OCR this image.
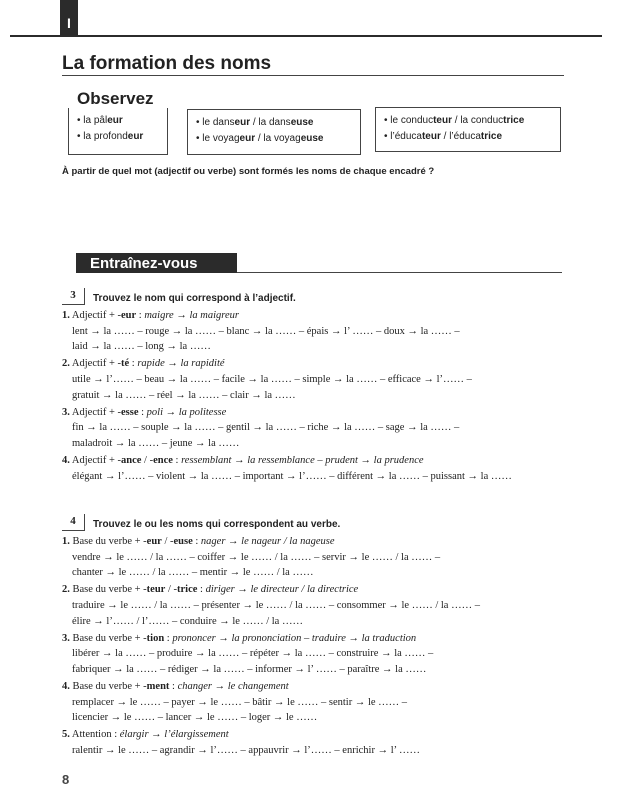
I
La formation des noms
Observez
• la pâleur
• la profondeur
• le danseur / la danseuse
• le voyageur / la voyageuse
• le conducteur / la conductrice
• l’éducateur / l’éducatrice
À partir de quel mot (adjectif ou verbe) sont formés les noms de chaque encadré ?
Entraînez-vous
3	Trouvez le nom qui correspond à l’adjectif.
1. Adjectif + -eur : maigre → la maigreur
lent → la …… – rouge → la …… – blanc → la …… – épais → l’ …… – doux → la …… –
laid → la …… – long → la ……
2. Adjectif + -té : rapide → la rapidité
utile → l’…… – beau → la …… – facile → la …… – simple → la …… – efficace → l’…… –
gratuit → la …… – réel → la …… – clair → la ……
3. Adjectif + -esse : poli → la politesse
fin → la …… – souple → la …… – gentil → la …… – riche → la …… – sage → la …… –
maladroit → la …… – jeune → la ……
4. Adjectif + -ance / -ence : ressemblant → la ressemblance – prudent → la prudence
élégant → l’…… – violent → la …… – important → l’…… – différent → la …… – puissant → la ……
4	Trouvez le ou les noms qui correspondent au verbe.
1. Base du verbe + -eur / -euse : nager → le nageur / la nageuse
vendre → le …… / la …… – coiffer → le …… / la …… – servir → le …… / la …… –
chanter → le …… / la …… – mentir → le …… / la ……
2. Base du verbe + -teur / -trice : diriger → le directeur / la directrice
traduire → le …… / la …… – présenter → le …… / la …… – consommer → le …… / la …… –
élire → l’…… / l’…… – conduire → le …… / la ……
3. Base du verbe + -tion : prononcer → la prononciation – traduire → la traduction
libérer → la …… – produire → la …… – répéter → la …… – construire → la …… –
fabriquer → la …… – rédiger → la …… – informer → l’ …… – paraître → la ……
4. Base du verbe + -ment : changer → le changement
remplacer → le …… – payer → le …… – bâtir → le …… – sentir → le …… –
licencier → le …… – lancer → le …… – loger → le ……
5. Attention : élargir → l’élargissement
ralentir → le …… – agrandir → l’…… – appauvrir → l’…… – enrichir → l’ ……
8
